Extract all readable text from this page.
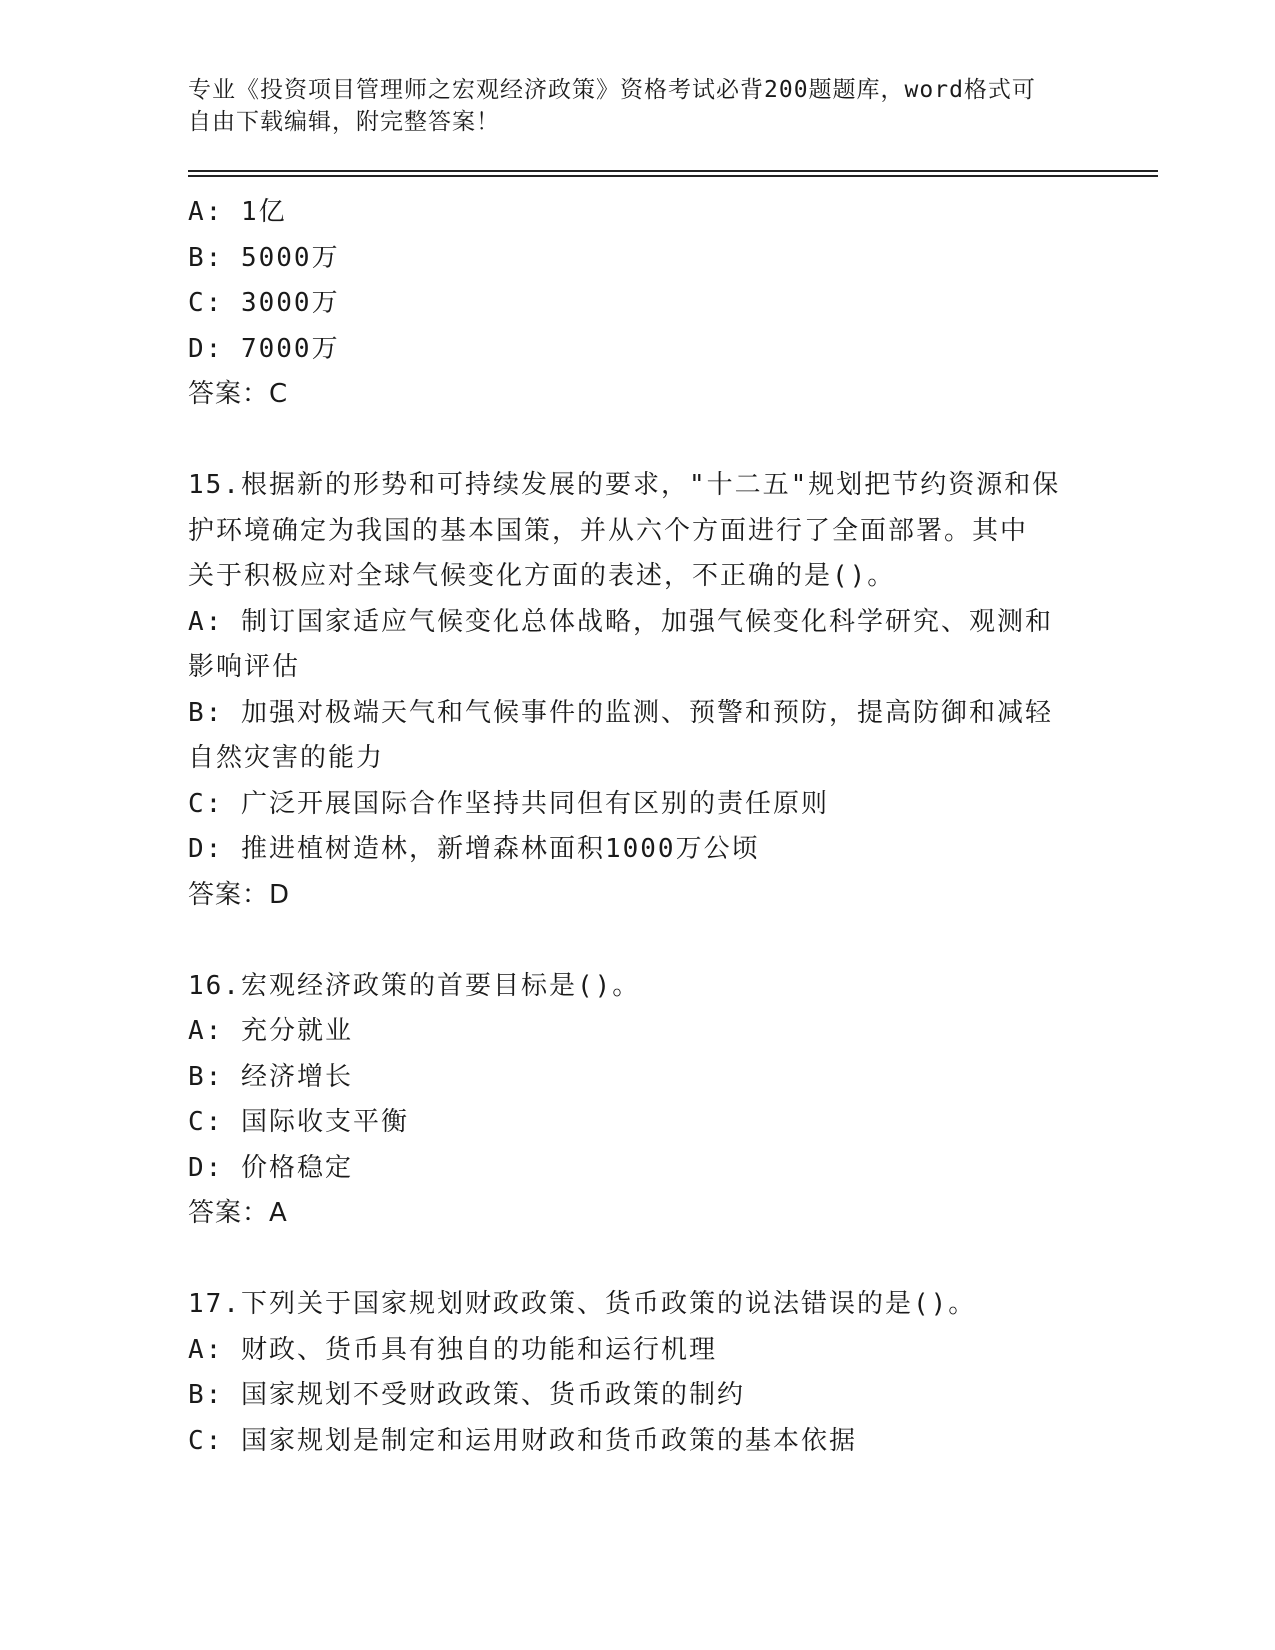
专业《投资项目管理师之宏观经济政策》资格考试必背200题题库，word格式可
自由下载编辑，附完整答案！
A: 1亿
B: 5000万
C: 3000万
D: 7000万
答案：C
15.根据新的形势和可持续发展的要求，"十二五"规划把节约资源和保
护环境确定为我国的基本国策，并从六个方面进行了全面部署。其中
关于积极应对全球气候变化方面的表述，不正确的是()。
A: 制订国家适应气候变化总体战略，加强气候变化科学研究、观测和
影响评估
B: 加强对极端天气和气候事件的监测、预警和预防，提高防御和减轻
自然灾害的能力
C: 广泛开展国际合作坚持共同但有区别的责任原则
D: 推进植树造林，新增森林面积1000万公顷
答案：D
16.宏观经济政策的首要目标是()。
A: 充分就业
B: 经济增长
C: 国际收支平衡
D: 价格稳定
答案：A
17.下列关于国家规划财政政策、货币政策的说法错误的是()。
A: 财政、货币具有独自的功能和运行机理
B: 国家规划不受财政政策、货币政策的制约
C: 国家规划是制定和运用财政和货币政策的基本依据
